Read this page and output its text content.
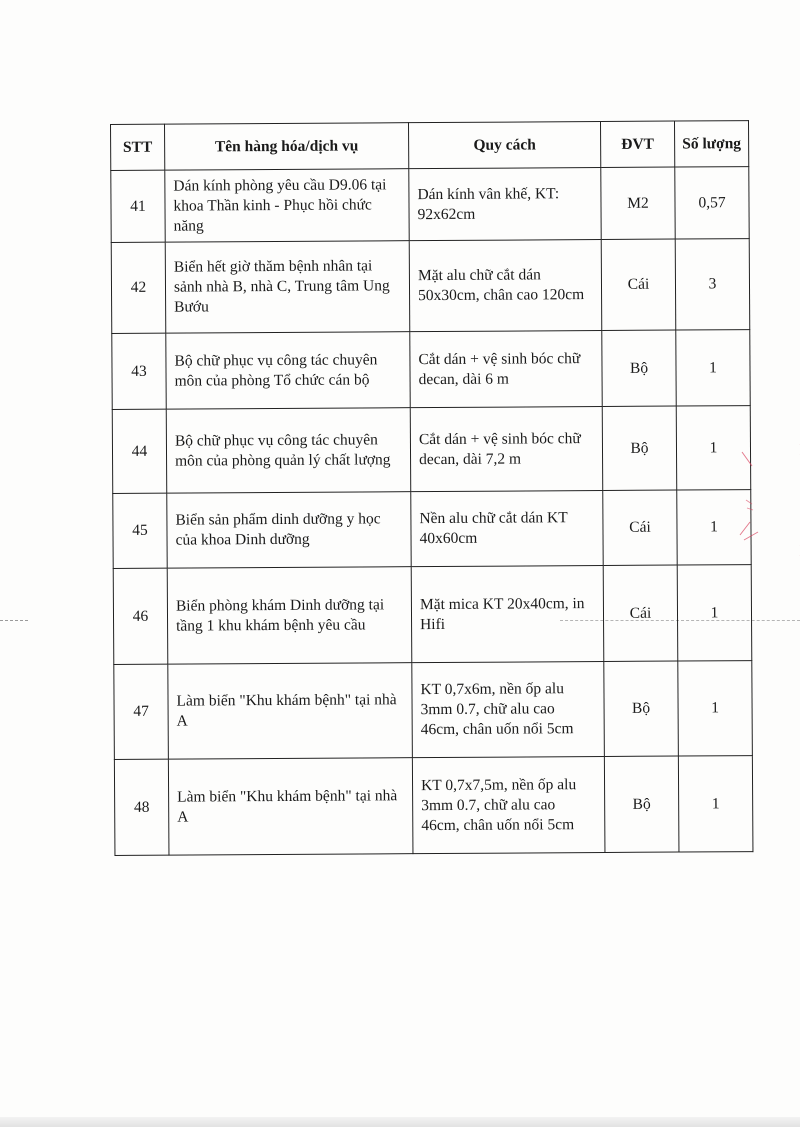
STT	Tên hàng hóa/dịch vụ	Quy cách	ĐVT	Số lượng
41	Dán kính phòng yêu cầu D9.06 tại khoa Thần kinh - Phục hồi chức năng	Dán kính vân khế, KT: 92x62cm	M2	0,57
42	Biển hết giờ thăm bệnh nhân tại sảnh nhà B, nhà C, Trung tâm Ung Bướu	Mặt alu chữ cắt dán 50x30cm, chân cao 120cm	Cái	3
43	Bộ chữ phục vụ công tác chuyên môn của phòng Tổ chức cán bộ	Cắt dán + vệ sinh bóc chữ decan, dài 6 m	Bộ	1
44	Bộ chữ phục vụ công tác chuyên môn của phòng quản lý chất lượng	Cắt dán + vệ sinh bóc chữ decan, dài 7,2 m	Bộ	1
45	Biển sản phẩm dinh dưỡng y học của khoa Dinh dưỡng	Nền alu chữ cắt dán KT 40x60cm	Cái	1
46	Biển phòng khám Dinh dưỡng tại tầng 1 khu khám bệnh yêu cầu	Mặt mica KT 20x40cm, in Hifi	Cái	1
47	Làm biển "Khu khám bệnh" tại nhà A	KT 0,7x6m, nền ốp alu 3mm 0.7, chữ alu cao 46cm, chân uốn nổi 5cm	Bộ	1
48	Làm biển "Khu khám bệnh" tại nhà A	KT 0,7x7,5m, nền ốp alu 3mm 0.7, chữ alu cao 46cm, chân uốn nổi 5cm	Bộ	1
